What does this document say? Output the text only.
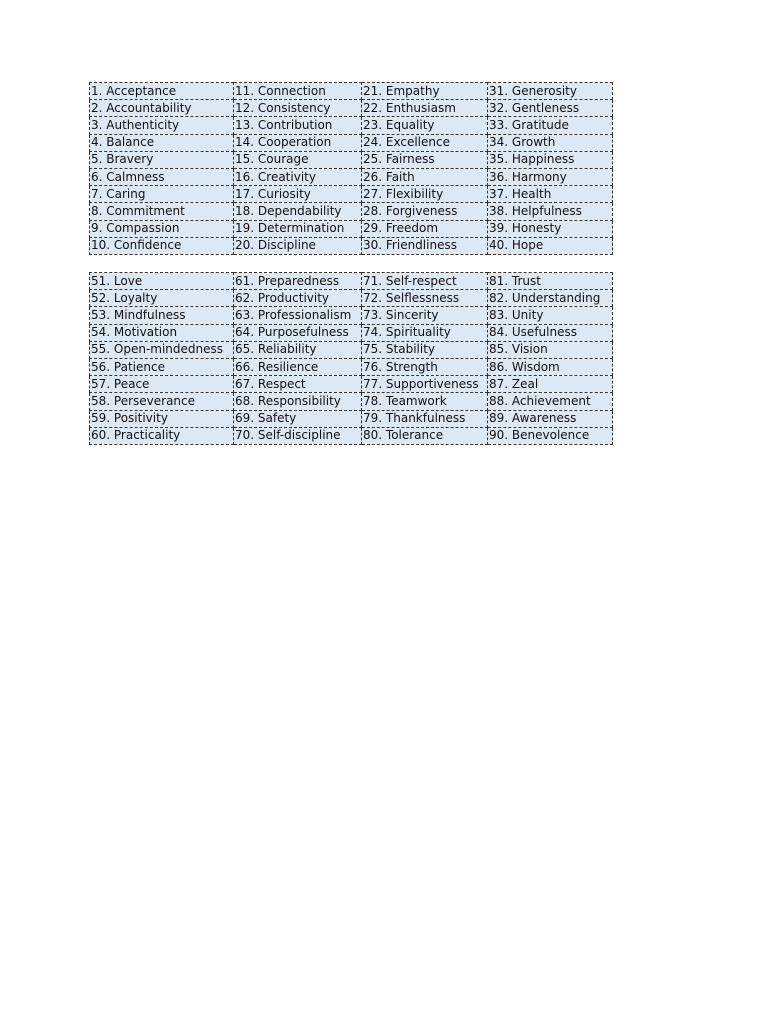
1. Acceptance	11. Connection	21. Empathy	31. Generosity
2. Accountability	12. Consistency	22. Enthusiasm	32. Gentleness
3. Authenticity	13. Contribution	23. Equality	33. Gratitude
4. Balance	14. Cooperation	24. Excellence	34. Growth
5. Bravery	15. Courage	25. Fairness	35. Happiness
6. Calmness	16. Creativity	26. Faith	36. Harmony
7. Caring	17. Curiosity	27. Flexibility	37. Health
8. Commitment	18. Dependability	28. Forgiveness	38. Helpfulness
9. Compassion	19. Determination	29. Freedom	39. Honesty
10. Confidence	20. Discipline	30. Friendliness	40. Hope
51. Love	61. Preparedness	71. Self-respect	81. Trust
52. Loyalty	62. Productivity	72. Selflessness	82. Understanding
53. Mindfulness	63. Professionalism	73. Sincerity	83. Unity
54. Motivation	64. Purposefulness	74. Spirituality	84. Usefulness
55. Open-mindedness	65. Reliability	75. Stability	85. Vision
56. Patience	66. Resilience	76. Strength	86. Wisdom
57. Peace	67. Respect	77. Supportiveness	87. Zeal
58. Perseverance	68. Responsibility	78. Teamwork	88. Achievement
59. Positivity	69. Safety	79. Thankfulness	89. Awareness
60. Practicality	70. Self-discipline	80. Tolerance	90. Benevolence
